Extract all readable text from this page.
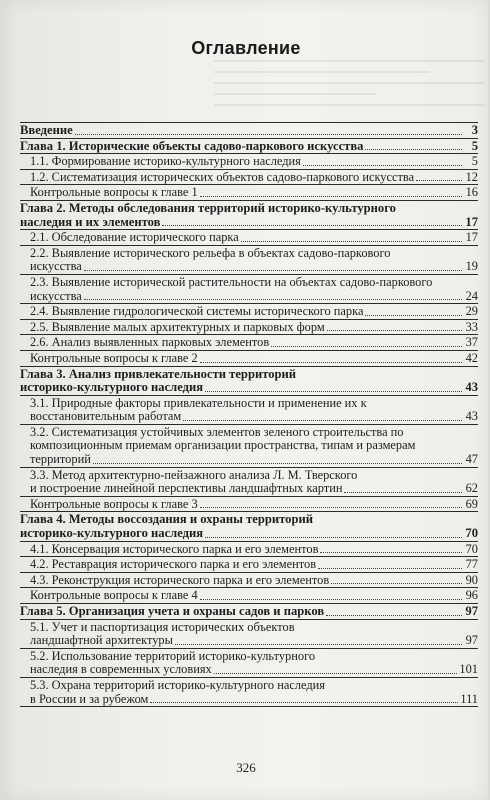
Оглавление
Введение	3
Глава 1. Исторические объекты садово-паркового искусства	5
1.1. Формирование историко-культурного наследия	5
1.2. Систематизация исторических объектов садово-паркового искусства	12
Контрольные вопросы к главе 1	16
Глава 2. Методы обследования территорий историко-культурного
наследия и их элементов	17
2.1. Обследование исторического парка	17
2.2. Выявление исторического рельефа в объектах садово-паркового
искусства	19
2.3. Выявление исторической растительности на объектах садово-паркового
искусства	24
2.4. Выявление гидрологической системы исторического парка	29
2.5. Выявление малых архитектурных и парковых форм	33
2.6. Анализ выявленных парковых элементов	37
Контрольные вопросы к главе 2	42
Глава 3. Анализ привлекательности территорий
историко-культурного наследия	43
3.1. Природные факторы привлекательности и применение их к
восстановительным работам	43
3.2. Систематизация устойчивых элементов зеленого строительства по
композиционным приемам организации пространства, типам и размерам
территорий	47
3.3. Метод архитектурно-пейзажного анализа Л. М. Тверского
и построение линейной перспективы ландшафтных картин	62
Контрольные вопросы к главе 3	69
Глава 4. Методы воссоздания и охраны территорий
историко-культурного наследия	70
4.1. Консервация исторического парка и его элементов	70
4.2. Реставрация исторического парка и его элементов	77
4.3. Реконструкция исторического парка и его элементов	90
Контрольные вопросы к главе 4	96
Глава 5. Организация учета и охраны садов и парков	97
5.1. Учет и паспортизация исторических объектов
ландшафтной архитектуры	97
5.2. Использование территорий историко-культурного
наследия в современных условиях	101
5.3. Охрана территорий историко-культурного наследия
в России и за рубежом	111
326
